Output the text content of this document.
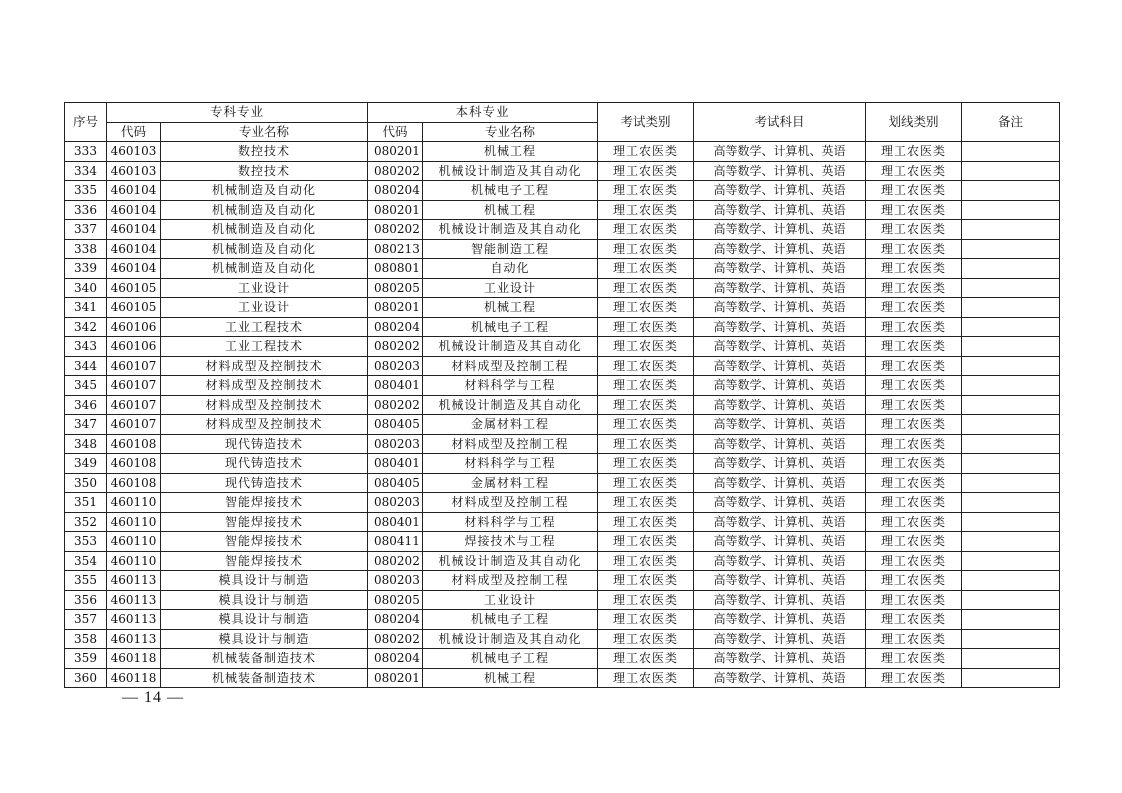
序号	专科专业		本科专业		考试类别	考试科目	划线类别	备注
	代码	专业名称	代码	专业名称				
333	460103	数控技术	080201	机械工程	理工农医类	高等数学、计算机、英语	理工农医类	
334	460103	数控技术	080202	机械设计制造及其自动化	理工农医类	高等数学、计算机、英语	理工农医类	
335	460104	机械制造及自动化	080204	机械电子工程	理工农医类	高等数学、计算机、英语	理工农医类	
336	460104	机械制造及自动化	080201	机械工程	理工农医类	高等数学、计算机、英语	理工农医类	
337	460104	机械制造及自动化	080202	机械设计制造及其自动化	理工农医类	高等数学、计算机、英语	理工农医类	
338	460104	机械制造及自动化	080213	智能制造工程	理工农医类	高等数学、计算机、英语	理工农医类	
339	460104	机械制造及自动化	080801	自动化	理工农医类	高等数学、计算机、英语	理工农医类	
340	460105	工业设计	080205	工业设计	理工农医类	高等数学、计算机、英语	理工农医类	
341	460105	工业设计	080201	机械工程	理工农医类	高等数学、计算机、英语	理工农医类	
342	460106	工业工程技术	080204	机械电子工程	理工农医类	高等数学、计算机、英语	理工农医类	
343	460106	工业工程技术	080202	机械设计制造及其自动化	理工农医类	高等数学、计算机、英语	理工农医类	
344	460107	材料成型及控制技术	080203	材料成型及控制工程	理工农医类	高等数学、计算机、英语	理工农医类	
345	460107	材料成型及控制技术	080401	材料科学与工程	理工农医类	高等数学、计算机、英语	理工农医类	
346	460107	材料成型及控制技术	080202	机械设计制造及其自动化	理工农医类	高等数学、计算机、英语	理工农医类	
347	460107	材料成型及控制技术	080405	金属材料工程	理工农医类	高等数学、计算机、英语	理工农医类	
348	460108	现代铸造技术	080203	材料成型及控制工程	理工农医类	高等数学、计算机、英语	理工农医类	
349	460108	现代铸造技术	080401	材料科学与工程	理工农医类	高等数学、计算机、英语	理工农医类	
350	460108	现代铸造技术	080405	金属材料工程	理工农医类	高等数学、计算机、英语	理工农医类	
351	460110	智能焊接技术	080203	材料成型及控制工程	理工农医类	高等数学、计算机、英语	理工农医类	
352	460110	智能焊接技术	080401	材料科学与工程	理工农医类	高等数学、计算机、英语	理工农医类	
353	460110	智能焊接技术	080411	焊接技术与工程	理工农医类	高等数学、计算机、英语	理工农医类	
354	460110	智能焊接技术	080202	机械设计制造及其自动化	理工农医类	高等数学、计算机、英语	理工农医类	
355	460113	模具设计与制造	080203	材料成型及控制工程	理工农医类	高等数学、计算机、英语	理工农医类	
356	460113	模具设计与制造	080205	工业设计	理工农医类	高等数学、计算机、英语	理工农医类	
357	460113	模具设计与制造	080204	机械电子工程	理工农医类	高等数学、计算机、英语	理工农医类	
358	460113	模具设计与制造	080202	机械设计制造及其自动化	理工农医类	高等数学、计算机、英语	理工农医类	
359	460118	机械装备制造技术	080204	机械电子工程	理工农医类	高等数学、计算机、英语	理工农医类	
360	460118	机械装备制造技术	080201	机械工程	理工农医类	高等数学、计算机、英语	理工农医类	
— 14 —
